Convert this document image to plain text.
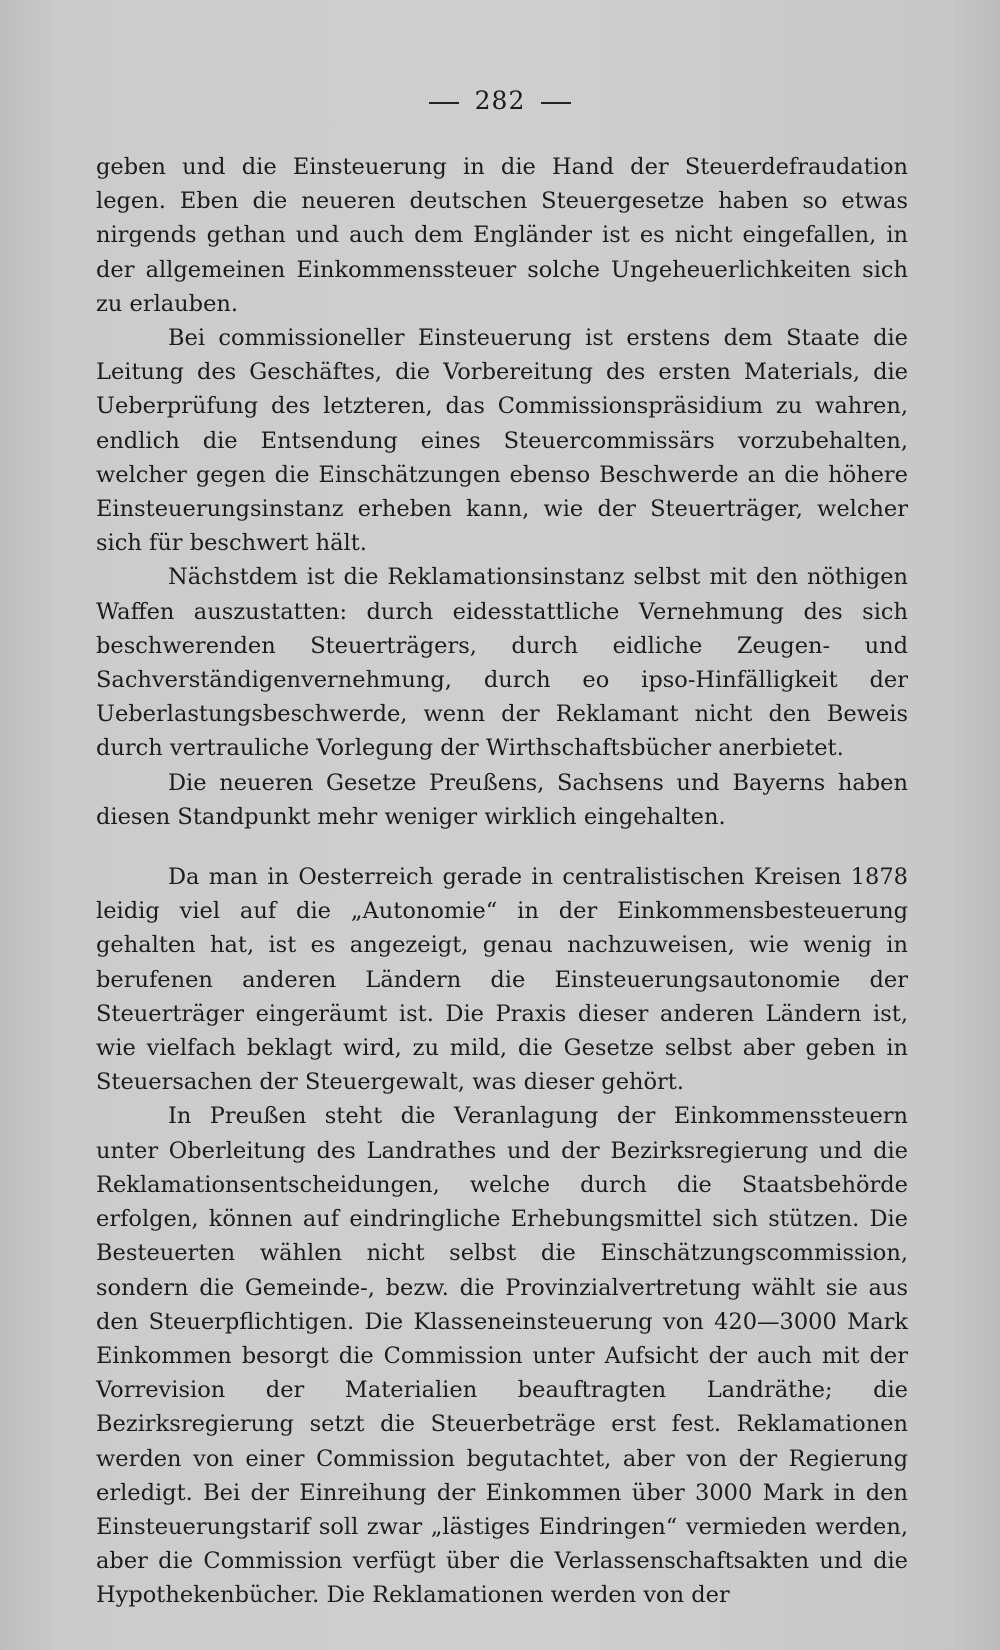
282

geben und die Einsteuerung in die Hand der Steuerdefraudation legen. Eben die neueren deutschen Steuergesetze haben so etwas nirgends gethan und auch dem Engländer ist es nicht eingefallen, in der allgemeinen Einkommenssteuer solche Ungeheuerlichkeiten sich zu erlauben.

Bei commissioneller Einsteuerung ist erstens dem Staate die Leitung des Geschäftes, die Vorbereitung des ersten Materials, die Ueberprüfung des letzteren, das Commissionspräsidium zu wahren, endlich die Entsendung eines Steuercommissärs vorzubehalten, welcher gegen die Einschätzungen ebenso Beschwerde an die höhere Einsteuerungsinstanz erheben kann, wie der Steuerträger, welcher sich für beschwert hält.

Nächstdem ist die Reklamationsinstanz selbst mit den nöthigen Waffen auszustatten: durch eidesstattliche Vernehmung des sich beschwerenden Steuerträgers, durch eidliche Zeugen- und Sachverständigenvernehmung, durch eo ipso-Hinfälligkeit der Ueberlastungsbeschwerde, wenn der Reklamant nicht den Beweis durch vertrauliche Vorlegung der Wirthschaftsbücher anerbietet.

Die neueren Gesetze Preußens, Sachsens und Bayerns haben diesen Standpunkt mehr weniger wirklich eingehalten.

Da man in Oesterreich gerade in centralistischen Kreisen 1878 leidig viel auf die „Autonomie“ in der Einkommensbesteuerung gehalten hat, ist es angezeigt, genau nachzuweisen, wie wenig in berufenen anderen Ländern die Einsteuerungsautonomie der Steuerträger eingeräumt ist. Die Praxis dieser anderen Ländern ist, wie vielfach beklagt wird, zu mild, die Gesetze selbst aber geben in Steuersachen der Steuergewalt, was dieser gehört.

In Preußen steht die Veranlagung der Einkommenssteuern unter Oberleitung des Landrathes und der Bezirksregierung und die Reklamationsentscheidungen, welche durch die Staatsbehörde erfolgen, können auf eindringliche Erhebungsmittel sich stützen. Die Besteuerten wählen nicht selbst die Einschätzungscommission, sondern die Gemeinde-, bezw. die Provinzialvertretung wählt sie aus den Steuerpflichtigen. Die Klasseneinsteuerung von 420—3000 Mark Einkommen besorgt die Commission unter Aufsicht der auch mit der Vorrevision der Materialien beauftragten Landräthe; die Bezirksregierung setzt die Steuerbeträge erst fest. Reklamationen werden von einer Commission begutachtet, aber von der Regierung erledigt. Bei der Einreihung der Einkommen über 3000 Mark in den Einsteuerungstarif soll zwar „lästiges Eindringen“ vermieden werden, aber die Commission verfügt über die Verlassenschaftsakten und die Hypothekenbücher. Die Reklamationen werden von der
